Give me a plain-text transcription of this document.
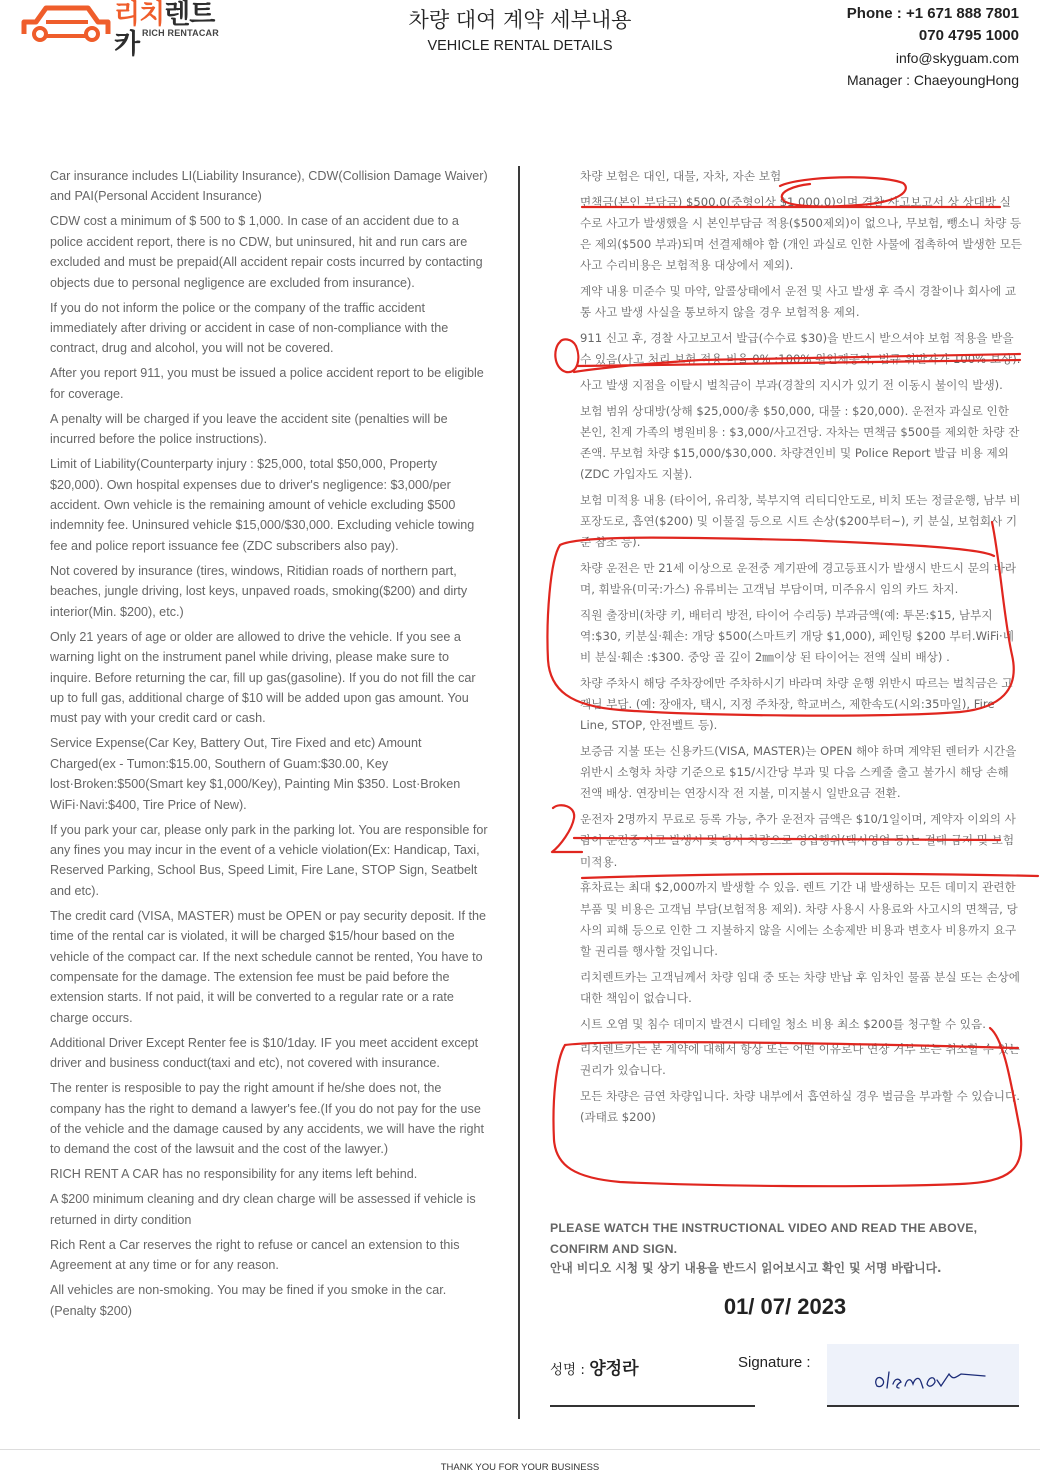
리치렌트카 RICH RENTACAR
차량 대여 계약 세부내용
VEHICLE RENTAL DETAILS
Phone : +1 671 888 7801
070 4795 1000
info@skyguam.com
Manager : ChaeyoungHong

Car insurance includes LI(Liability Insurance), CDW(Collision Damage Waiver) and PAI(Personal Accident Insurance)

CDW cost a minimum of $ 500 to $ 1,000. In case of an accident due to a police accident report, there is no CDW, but uninsured, hit and run cars are excluded and must be prepaid(All accident repair costs incurred by contacting objects due to personal negligence are excluded from insurance).

If you do not inform the police or the company of the traffic accident immediately after driving or accident in case of non-compliance with the contract, drug and alcohol, you will not be covered.

After you report 911, you must be issued a police accident report to be eligible for coverage.

A penalty will be charged if you leave the accident site (penalties will be incurred before the police instructions).

Limit of Liability(Counterparty injury : $25,000, total $50,000, Property $20,000). Own hospital expenses due to driver's negligence: $3,000/per accident. Own vehicle is the remaining amount of vehicle excluding $500 indemnity fee. Uninsured vehicle $15,000/$30,000. Excluding vehicle towing fee and police report issuance fee (ZDC subscribers also pay).

Not covered by insurance (tires, windows, Ritidian roads of northern part, beaches, jungle driving, lost keys, unpaved roads, smoking($200) and dirty interior(Min. $200), etc.)

Only 21 years of age or older are allowed to drive the vehicle. If you see a warning light on the instrument panel while driving, please make sure to inquire. Before returning the car, fill up gas(gasoline). If you do not fill the car up to full gas, additional charge of $10 will be added upon gas amount. You must pay with your credit card or cash.

Service Expense(Car Key, Battery Out, Tire Fixed and etc) Amount Charged(ex - Tumon:$15.00, Southern of Guam:$30.00, Key lost·Broken:$500(Smart key $1,000/Key), Painting Min $350. Lost·Broken WiFi·Navi:$400, Tire Price of New).

If you park your car, please only park in the parking lot. You are responsible for any fines you may incur in the event of a vehicle violation(Ex: Handicap, Taxi, Reserved Parking, School Bus, Speed Limit, Fire Lane, STOP Sign, Seatbelt and etc).

The credit card (VISA, MASTER) must be OPEN or pay security deposit. If the time of the rental car is violated, it will be charged $15/hour based on the vehicle of the compact car. If the next schedule cannot be rented, You have to compensate for the damage. The extension fee must be paid before the extension starts. If not paid, it will be converted to a regular rate or a rate charge occurs.

Additional Driver Except Renter fee is $10/1day. IF you meet accident except driver and business conduct(taxi and etc), not covered with insurance.

The renter is resposible to pay the right amount if he/she does not, the company has the right to demand a lawyer's fee.(If you do not pay for the use of the vehicle and the damage caused by any accidents, we will have the right to demand the cost of the lawsuit and the cost of the lawyer.)

RICH RENT A CAR has no responsibility for any items left behind.

A $200 minimum cleaning and dry clean charge will be assessed if vehicle is returned in dirty condition

Rich Rent a Car reserves the right to refuse or cancel an extension to this Agreement at any time or for any reason.

All vehicles are non-smoking. You may be fined if you smoke in the car. (Penalty $200)

차량 보험은 대인, 대물, 자차, 자손 보험

면책금(본인 부담금) $500.0(중형이상 $1,000.0)이며 경찰 사고보고서 상 상대방 실수로 사고가 발생했을 시 본인부담금 적용($500제외)이 없으나, 무보험, 뺑소니 차량 등은 제외($500 부과)되며 선결제해야 함 (개인 과실로 인한 사물에 접촉하여 발생한 모든 사고 수리비용은 보험적용 대상에서 제외).

계약 내용 미준수 및 마약, 알콜상태에서 운전 및 사고 발생 후 즉시 경찰이나 회사에 교통 사고 발생 사실을 통보하지 않을 경우 보험적용 제외.

911 신고 후, 경찰 사고보고서 발급(수수료 $30)을 반드시 받으셔야 보험 적용을 받을 수 있음(사고 처리 보험 적용 비율 0% :100% 원인제공자, 법규 위반자가 100% 보상).

사고 발생 지점을 이탈시 벌칙금이 부과(경찰의 지시가 있기 전 이동시 불이익 발생).

보험 범위 상대방(상해 $25,000/총 $50,000, 대물 : $20,000). 운전자 과실로 인한 본인, 친계 가족의 병원비용 : $3,000/사고건당. 자차는 면책금 $500를 제외한 차량 잔존액. 무보험 차량 $15,000/$30,000. 차량견인비 및 Police Report 발급 비용 제외 (ZDC 가입자도 지불).

보험 미적용 내용 (타이어, 유리창, 북부지역 리티디안도로, 비치 또는 정글운행, 남부 비포장도로, 흡연($200) 및 이물질 등으로 시트 손상($200부터~), 키 분실, 보험회사 기준 참조 등).

차량 운전은 만 21세 이상으로 운전중 계기판에 경고등표시가 발생시 반드시 문의 바라며, 휘발유(미국:가스) 유류비는 고객님 부담이며, 미주유시 임의 카드 차지.

직원 출장비(차량 키, 배터리 방전, 타이어 수리등) 부과금액(예: 투몬:$15, 남부지역:$30, 키분실·훼손: 개당 $500(스마트키 개당 $1,000), 페인팅 $200 부터.WiFi·네비 분실·훼손 :$300. 중앙 골 깊이 2㎜이상 된 타이어는 전액 실비 배상) .

차량 주차시 해당 주차장에만 주차하시기 바라며 차량 운행 위반시 따르는 벌칙금은 고객님 부담. (예: 장애자, 택시, 지정 주차장, 학교버스, 제한속도(시외:35마일), Fire Line, STOP, 안전벨트 등).

보증금 지불 또는 신용카드(VISA, MASTER)는 OPEN 해야 하며 계약된 렌터카 시간을 위반시 소형차 차량 기준으로 $15/시간당 부과 및 다음 스케줄 출고 불가시 해당 손해 전액 배상. 연장비는 연장시작 전 지불, 미지불시 일반요금 전환.

운전자 2명까지 무료로 등록 가능, 추가 운전자 금액은 $10/1일이며, 계약자 이외의 사람이 운전중 사고 발생시 및 당사 차량으로 영업행위(택시영업 등)는 절대 금지 및 보험 미적용.

휴차료는 최대 $2,000까지 발생할 수 있음. 렌트 기간 내 발생하는 모든 데미지 관련한 부품 및 비용은 고객님 부담(보험적용 제외). 차량 사용시 사용료와 사고시의 면책금, 당사의 피해 등으로 인한 그 지불하지 않을 시에는 소송제반 비용과 변호사 비용까지 요구할 권리를 행사할 것입니다.

리치렌트카는 고객님께서 차량 임대 중 또는 차량 반납 후 임차인 물품 분실 또는 손상에 대한 책임이 없습니다.

시트 오염 및 침수 데미지 발견시 디테일 청소 비용 최소 $200를 청구할 수 있음.

리치렌트카는 본 계약에 대해서 항상 또는 어떤 이유로나 연장 거부 또는 취소할 수 있는 권리가 있습니다.

모든 차량은 금연 차량입니다. 차량 내부에서 흡연하실 경우 벌금을 부과할 수 있습니다. (과태료 $200)

PLEASE WATCH THE INSTRUCTIONAL VIDEO AND READ THE ABOVE, CONFIRM AND SIGN.
안내 비디오 시청 및 상기 내용을 반드시 읽어보시고 확인 및 서명 바랍니다.
01/ 07/ 2023
성명 : 양정라	Signature :
THANK YOU FOR YOUR BUSINESS
